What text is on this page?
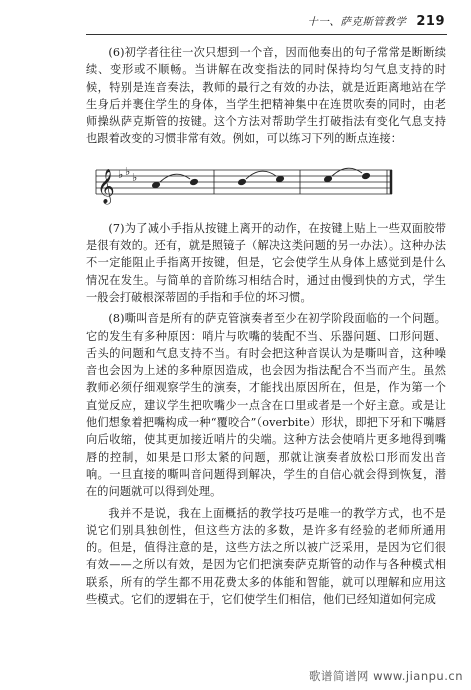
十一、萨克斯管教学 219

(6)初学者往往一次只想到一个音，因而他奏出的句子常常是断断续续、变形或不顺畅。当讲解在改变指法的同时保持均匀气息支持的时候，特别是连音奏法，教师的最行之有效的办法，就是近距离地站在学生身后并裹住学生的身体，当学生把精神集中在连贯吹奏的同时，由老师操纵萨克斯管的按键。这个方法对帮助学生打破指法有变化气息支持也跟着改变的习惯非常有效。例如，可以练习下列的断点连接：

𝄞 ♭ ♭ ♭

(7)为了减小手指从按键上离开的动作，在按键上贴上一些双面胶带是很有效的。还有，就是照镜子（解决这类问题的另一办法）。这种办法不一定能阻止手指离开按键，但是，它会使学生从身体上感觉到是什么情况在发生。与简单的音阶练习相结合时，通过由慢到快的方式，学生一般会打破根深蒂固的手指和手位的坏习惯。

(8)嘶叫音是所有的萨克管演奏者至少在初学阶段面临的一个问题。它的发生有多种原因：哨片与吹嘴的装配不当、乐器问题、口形问题、舌头的问题和气息支持不当。有时会把这种音误认为是嘶叫音，这种噪音也会因为上述的多种原因造成，也会因为指法配合不当而产生。虽然教师必须仔细观察学生的演奏，才能找出原因所在，但是，作为第一个直觉反应，建议学生把吹嘴少一点含在口里或者是一个好主意。或是让他们想象着把嘴构成一种“覆咬合”（overbite）形状，即把下牙和下嘴唇向后收缩，使其更加接近哨片的尖端。这种方法会使哨片更多地得到嘴唇的控制，如果是口形太紧的问题，那就让演奏者放松口形而发出音响。一旦直接的嘶叫音问题得到解决，学生的自信心就会得到恢复，潜在的问题就可以得到处理。

我并不是说，我在上面概括的教学技巧是唯一的教学方式，也不是说它们别具独创性，但这些方法的多数，是许多有经验的老师所通用的。但是，值得注意的是，这些方法之所以被广泛采用，是因为它们很有效——之所以有效，是因为它们把演奏萨克斯管的动作与各种模式相联系，所有的学生都不用花费太多的体能和智能，就可以理解和应用这些模式。它们的逻辑在于，它们使学生们相信，他们已经知道如何完成

歌谱简谱网 www.jianpu.cn
